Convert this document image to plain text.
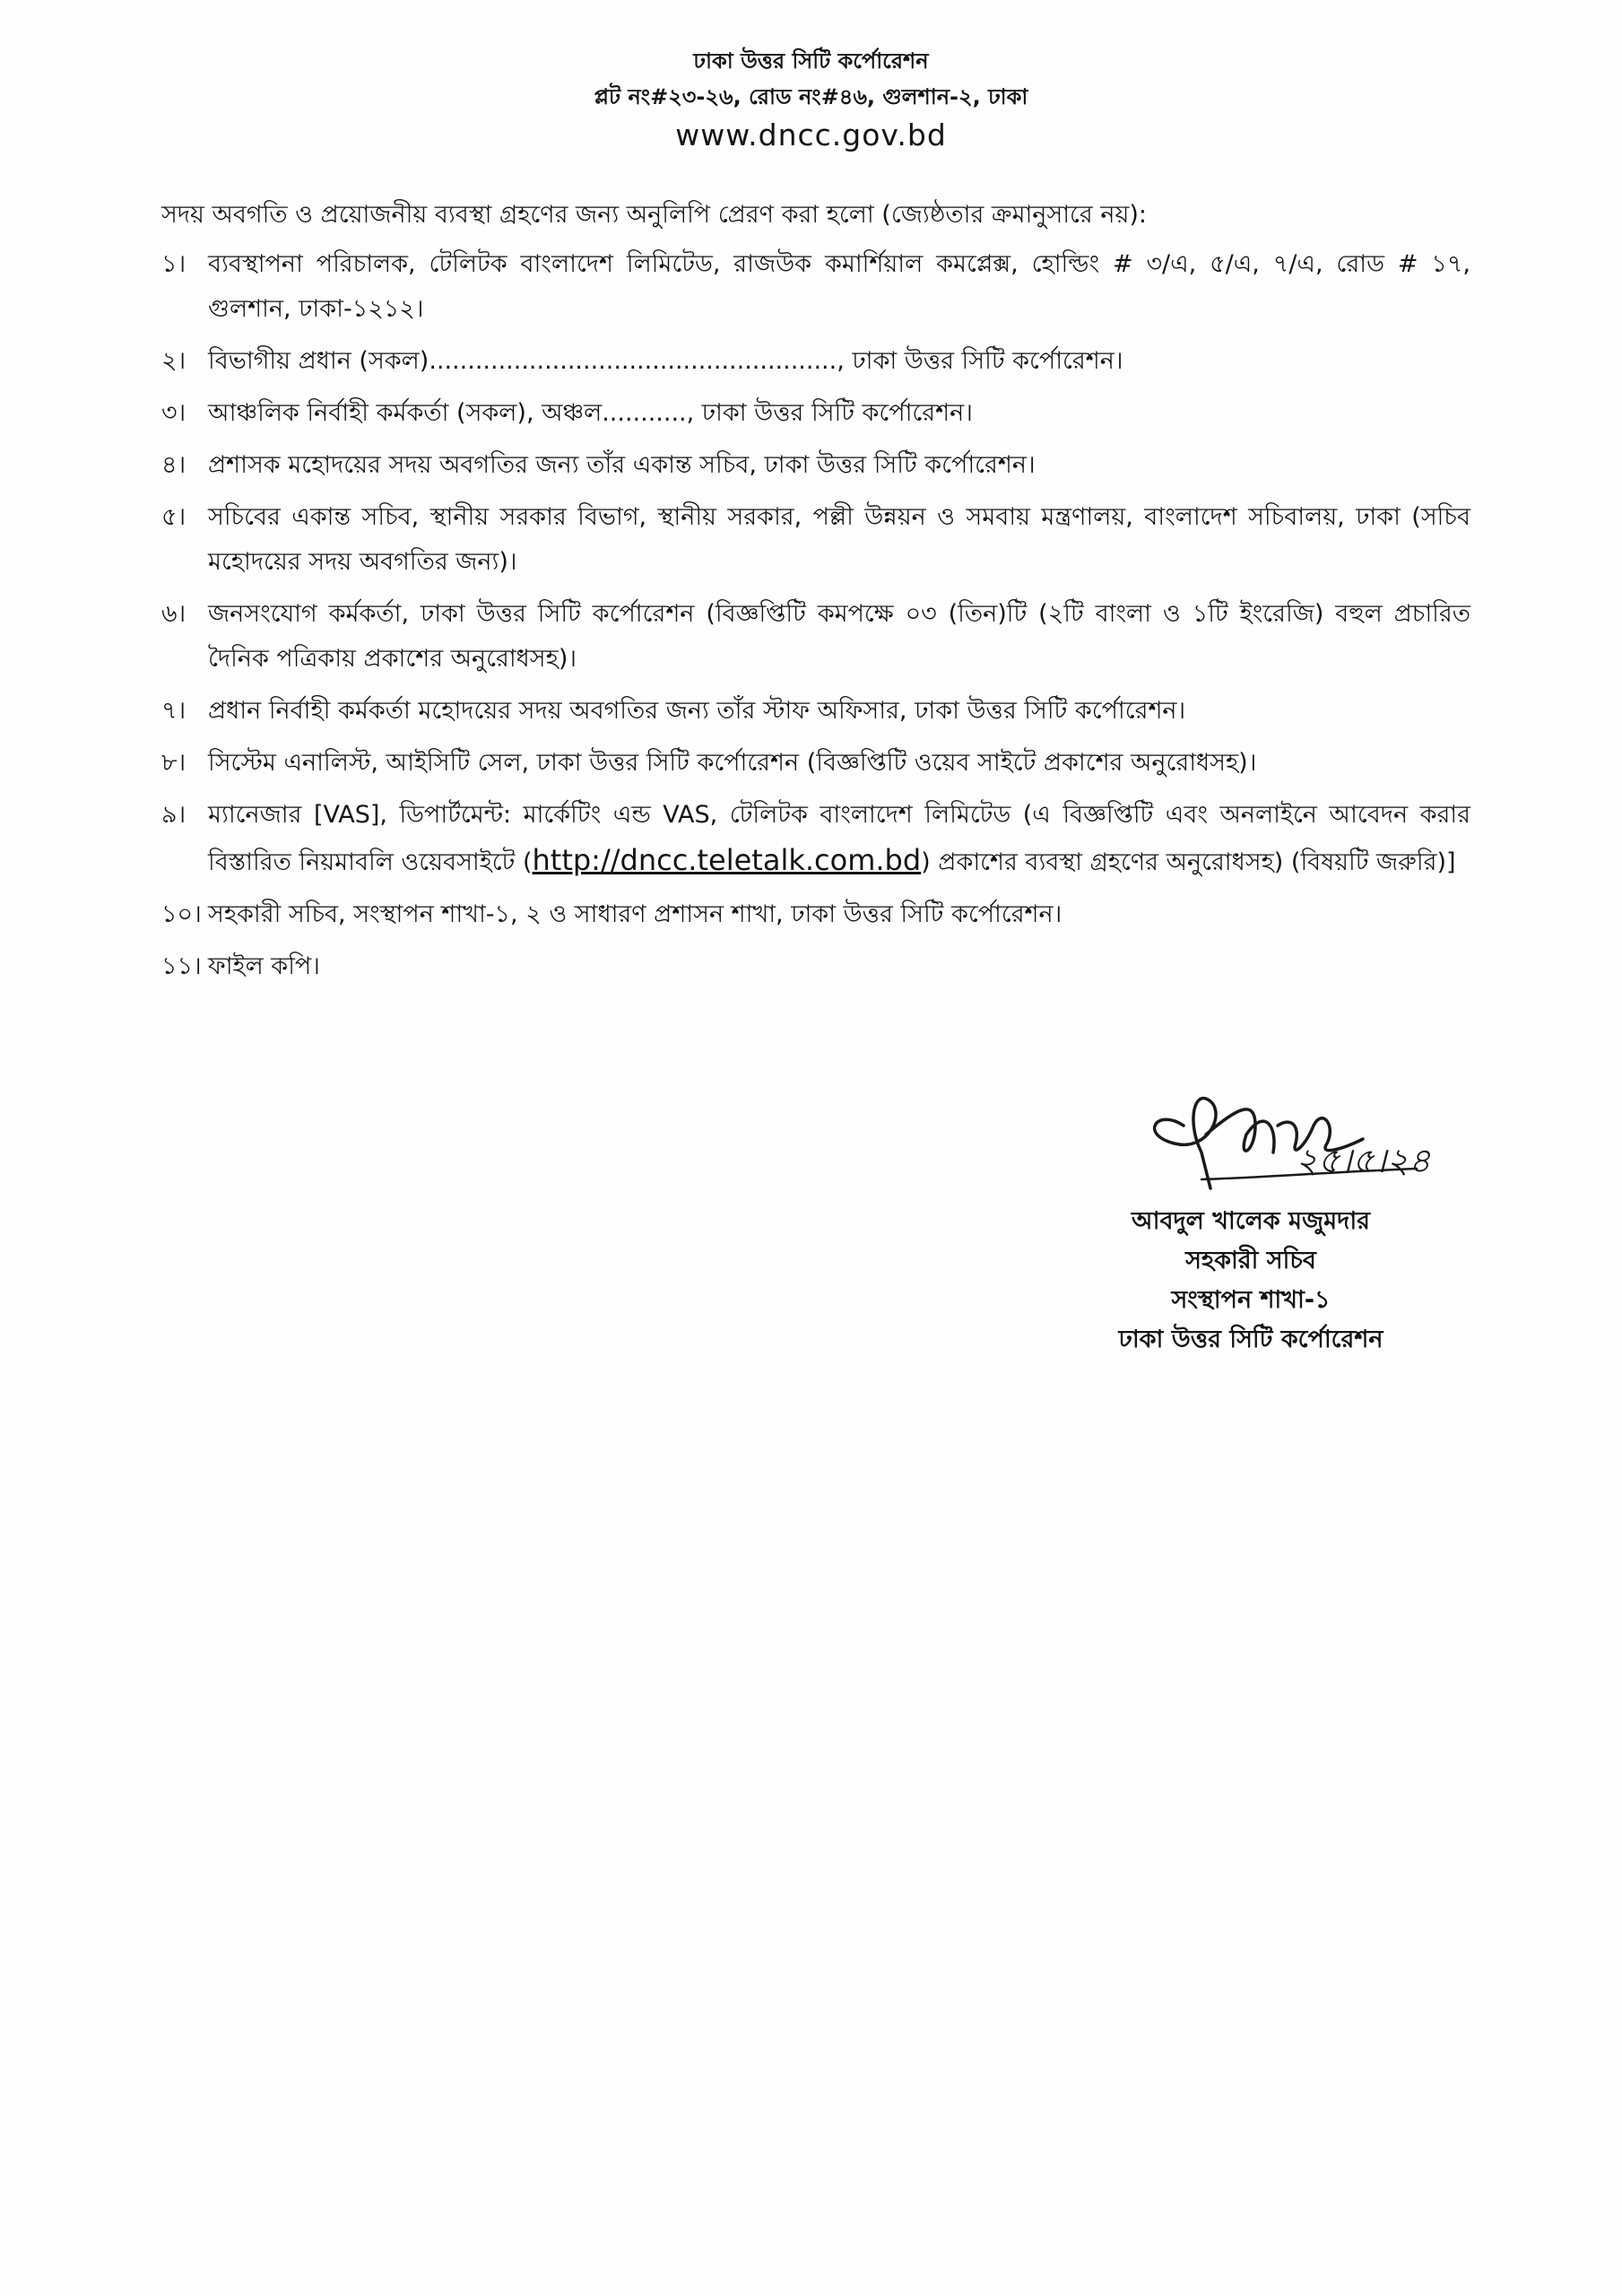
ঢাকা উত্তর সিটি কর্পোরেশন
প্লট নং#২৩-২৬, রোড নং#৪৬, গুলশান-২, ঢাকা
www.dncc.gov.bd
সদয় অবগতি ও প্রয়োজনীয় ব্যবস্থা গ্রহণের জন্য অনুলিপি প্রেরণ করা হলো (জ্যেষ্ঠতার ক্রমানুসারে নয়):
১। ব্যবস্থাপনা পরিচালক, টেলিটক বাংলাদেশ লিমিটেড, রাজউক কমার্শিয়াল কমপ্লেক্স, হোল্ডিং # ৩/এ, ৫/এ, ৭/এ, রোড # ১৭, গুলশান, ঢাকা-১২১২।
২। বিভাগীয় প্রধান (সকল)....................................................., ঢাকা উত্তর সিটি কর্পোরেশন।
৩। আঞ্চলিক নির্বাহী কর্মকর্তা (সকল), অঞ্চল..........., ঢাকা উত্তর সিটি কর্পোরেশন।
৪। প্রশাসক মহোদয়ের সদয় অবগতির জন্য তাঁর একান্ত সচিব, ঢাকা উত্তর সিটি কর্পোরেশন।
৫। সচিবের একান্ত সচিব, স্থানীয় সরকার বিভাগ, স্থানীয় সরকার, পল্লী উন্নয়ন ও সমবায় মন্ত্রণালয়, বাংলাদেশ সচিবালয়, ঢাকা (সচিব মহোদয়ের সদয় অবগতির জন্য)।
৬। জনসংযোগ কর্মকর্তা, ঢাকা উত্তর সিটি কর্পোরেশন (বিজ্ঞপ্তিটি কমপক্ষে ০৩ (তিন)টি (২টি বাংলা ও ১টি ইংরেজি) বহুল প্রচারিত দৈনিক পত্রিকায় প্রকাশের অনুরোধসহ)।
৭। প্রধান নির্বাহী কর্মকর্তা মহোদয়ের সদয় অবগতির জন্য তাঁর স্টাফ অফিসার, ঢাকা উত্তর সিটি কর্পোরেশন।
৮। সিস্টেম এনালিস্ট, আইসিটি সেল, ঢাকা উত্তর সিটি কর্পোরেশন (বিজ্ঞপ্তিটি ওয়েব সাইটে প্রকাশের অনুরোধসহ)।
৯। ম্যানেজার [VAS], ডিপার্টমেন্ট: মার্কেটিং এন্ড VAS, টেলিটক বাংলাদেশ লিমিটেড (এ বিজ্ঞপ্তিটি এবং অনলাইনে আবেদন করার বিস্তারিত নিয়মাবলি ওয়েবসাইটে (http://dncc.teletalk.com.bd) প্রকাশের ব্যবস্থা গ্রহণের অনুরোধসহ) (বিষয়টি জরুরি)]
১০। সহকারী সচিব, সংস্থাপন শাখা-১, ২ ও সাধারণ প্রশাসন শাখা, ঢাকা উত্তর সিটি কর্পোরেশন।
১১। ফাইল কপি।
২৫।৫।২৪
আবদুল খালেক মজুমদার
সহকারী সচিব
সংস্থাপন শাখা-১
ঢাকা উত্তর সিটি কর্পোরেশন
